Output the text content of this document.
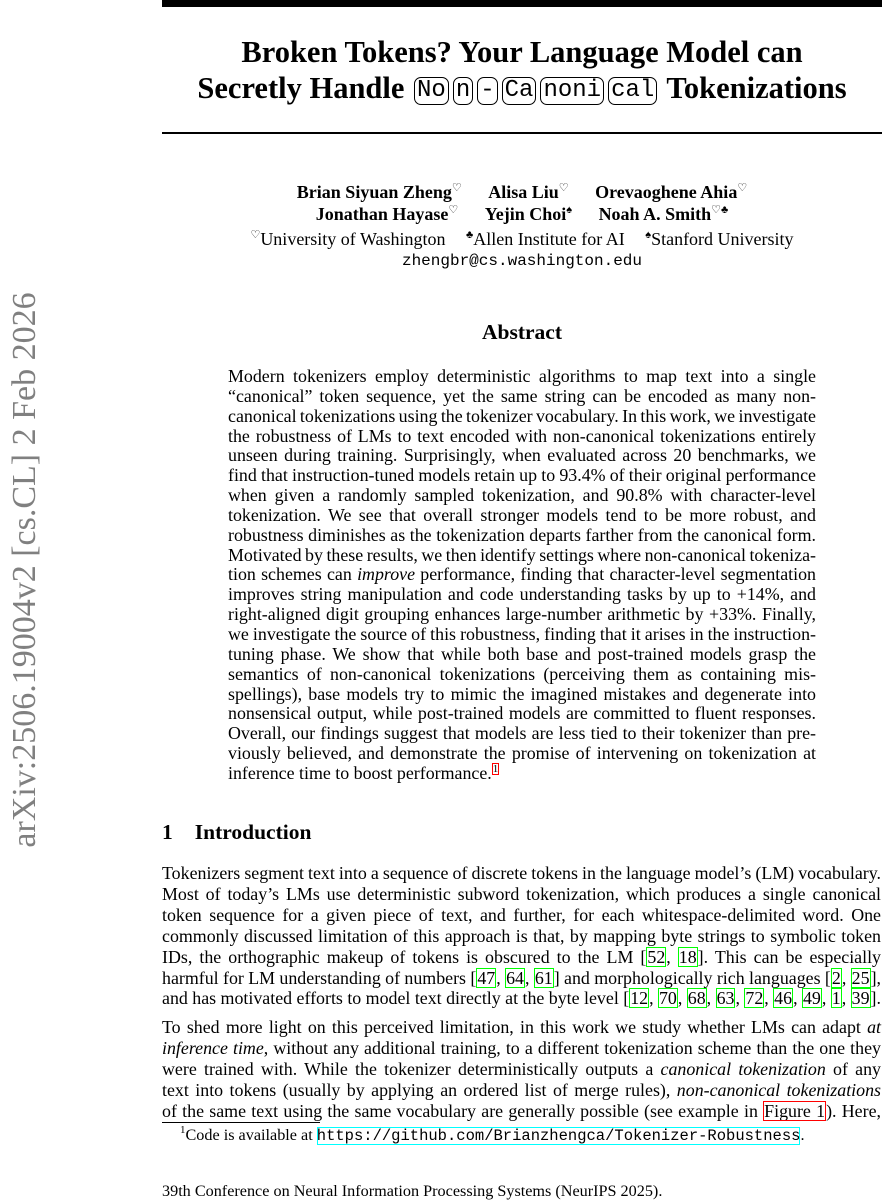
arXiv:2506.19004v2 [cs.CL] 2 Feb 2026
Broken Tokens? Your Language Model can
Secretly Handle No n - Ca noni cal Tokenizations
Brian Siyuan Zheng♡ Alisa Liu♡ Orevaoghene Ahia♡
Jonathan Hayase♡ Yejin Choi♠ Noah A. Smith♡♣
♡University of Washington ♣Allen Institute for AI ♠Stanford University
zhengbr@cs.washington.edu
Abstract
Modern tokenizers employ deterministic algorithms to map text into a single
“canonical” token sequence, yet the same string can be encoded as many non-
canonical tokenizations using the tokenizer vocabulary. In this work, we investigate
the robustness of LMs to text encoded with non-canonical tokenizations entirely
unseen during training. Surprisingly, when evaluated across 20 benchmarks, we
find that instruction-tuned models retain up to 93.4% of their original performance
when given a randomly sampled tokenization, and 90.8% with character-level
tokenization. We see that overall stronger models tend to be more robust, and
robustness diminishes as the tokenization departs farther from the canonical form.
Motivated by these results, we then identify settings where non-canonical tokeniza-
tion schemes can improve performance, finding that character-level segmentation
improves string manipulation and code understanding tasks by up to +14%, and
right-aligned digit grouping enhances large-number arithmetic by +33%. Finally,
we investigate the source of this robustness, finding that it arises in the instruction-
tuning phase. We show that while both base and post-trained models grasp the
semantics of non-canonical tokenizations (perceiving them as containing mis-
spellings), base models try to mimic the imagined mistakes and degenerate into
nonsensical output, while post-trained models are committed to fluent responses.
Overall, our findings suggest that models are less tied to their tokenizer than pre-
viously believed, and demonstrate the promise of intervening on tokenization at
inference time to boost performance.$^1$
1 Introduction
Tokenizers segment text into a sequence of discrete tokens in the language model’s (LM) vocabulary.
Most of today’s LMs use deterministic subword tokenization, which produces a single canonical
token sequence for a given piece of text, and further, for each whitespace-delimited word. One
commonly discussed limitation of this approach is that, by mapping byte strings to symbolic token
IDs, the orthographic makeup of tokens is obscured to the LM [52, 18]. This can be especially
harmful for LM understanding of numbers [47, 64, 61] and morphologically rich languages [2, 25],
and has motivated efforts to model text directly at the byte level [12, 70, 68, 63, 72, 46, 49, 1, 39].
To shed more light on this perceived limitation, in this work we study whether LMs can adapt at
inference time, without any additional training, to a different tokenization scheme than the one they
were trained with. While the tokenizer deterministically outputs a canonical tokenization of any
text into tokens (usually by applying an ordered list of merge rules), non-canonical tokenizations
of the same text using the same vocabulary are generally possible (see example in Figure 1). Here,
$^1$Code is available at https://github.com/Brianzhengca/Tokenizer-Robustness.
39th Conference on Neural Information Processing Systems (NeurIPS 2025).
